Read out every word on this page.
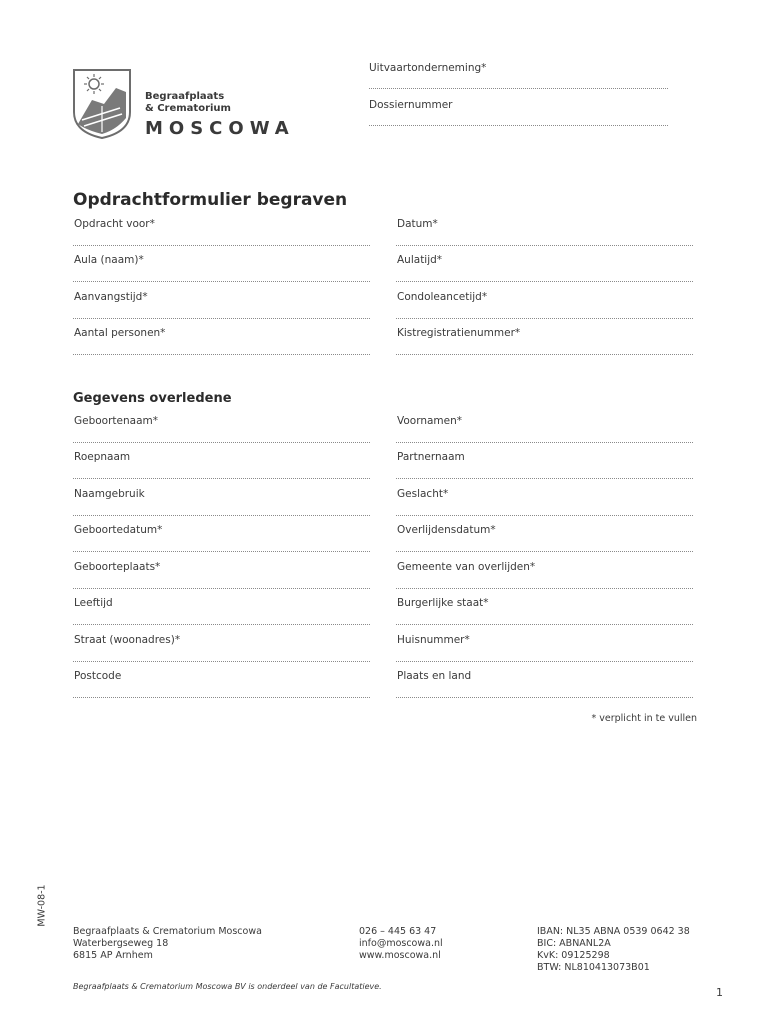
Begraafplaats
& Crematorium
MOSCOWA
Uitvaartonderneming*
Dossiernummer
Opdrachtformulier begraven
Opdracht voor*	Datum*
Aula (naam)*	Aulatijd*
Aanvangstijd*	Condoleancetijd*
Aantal personen*	Kistregistratienummer*
Gegevens overledene
Geboortenaam*	Voornamen*
Roepnaam	Partnernaam
Naamgebruik	Geslacht*
Geboortedatum*	Overlijdensdatum*
Geboorteplaats*	Gemeente van overlijden*
Leeftijd	Burgerlijke staat*
Straat (woonadres)*	Huisnummer*
Postcode	Plaats en land
* verplicht in te vullen
MW-08-1
Begraafplaats & Crematorium Moscowa
Waterbergseweg 18
6815 AP Arnhem
026 – 445 63 47
info@moscowa.nl
www.moscowa.nl
IBAN: NL35 ABNA 0539 0642 38
BIC: ABNANL2A
KvK: 09125298
BTW: NL810413073B01
Begraafplaats & Crematorium Moscowa BV is onderdeel van de Facultatieve.	1
